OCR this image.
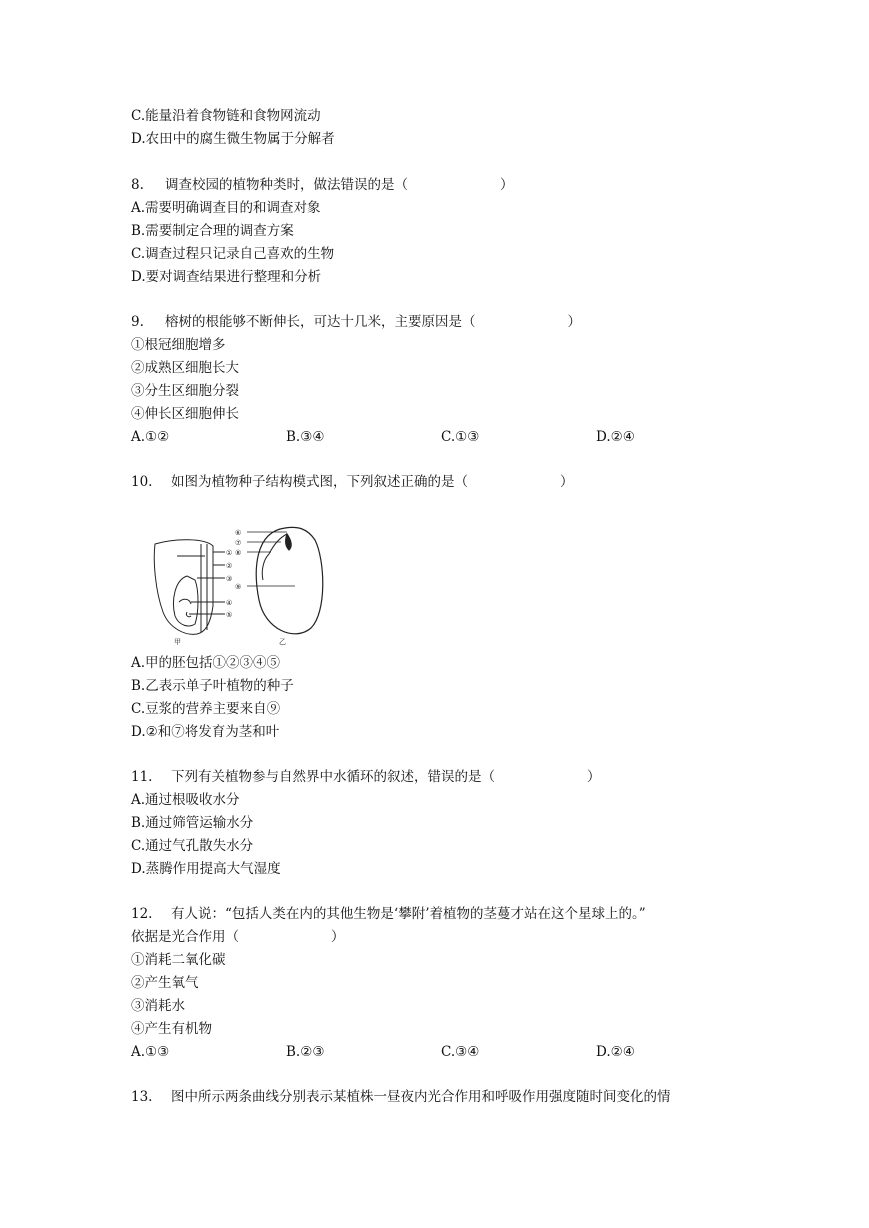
C.能量沿着食物链和食物网流动
D.农田中的腐生微生物属于分解者
8. 调查校园的植物种类时，做法错误的是（	）
A.需要明确调查目的和调查对象
B.需要制定合理的调查方案
C.调查过程只记录自己喜欢的生物
D.要对调查结果进行整理和分析
9. 榕树的根能够不断伸长，可达十几米，主要原因是（	）
①根冠细胞增多
②成熟区细胞长大
③分生区细胞分裂
④伸长区细胞伸长
A.①②	B.③④	C.①③	D.②④
10. 如图为植物种子结构模式图，下列叙述正确的是（	）
①
②
③
④
⑤
甲
⑥
⑦
⑧
⑨
乙
A.甲的胚包括①②③④⑤
B.乙表示单子叶植物的种子
C.豆浆的营养主要来自⑨
D.②和⑦将发育为茎和叶
11. 下列有关植物参与自然界中水循环的叙述，错误的是（	）
A.通过根吸收水分
B.通过筛管运输水分
C.通过气孔散失水分
D.蒸腾作用提高大气湿度
12. 有人说：“包括人类在内的其他生物是‘攀附’着植物的茎蔓才站在这个星球上的。”
依据是光合作用（	）
①消耗二氧化碳
②产生氧气
③消耗水
④产生有机物
A.①③	B.②③	C.③④	D.②④
13. 图中所示两条曲线分别表示某植株一昼夜内光合作用和呼吸作用强度随时间变化的情
